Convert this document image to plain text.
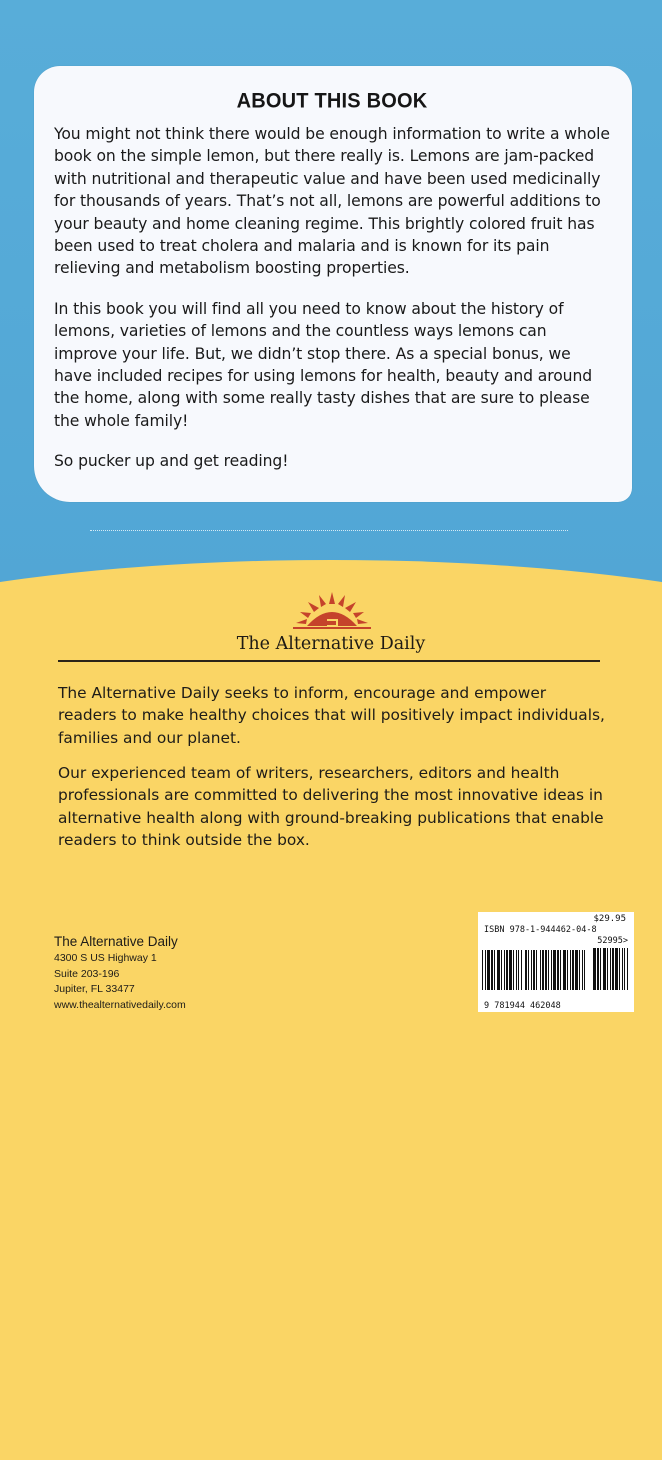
ABOUT THIS BOOK

You might not think there would be enough information to write a whole book on the simple lemon, but there really is. Lemons are jam-packed with nutritional and therapeutic value and have been used medicinally for thousands of years. That’s not all, lemons are powerful additions to your beauty and home cleaning regime. This brightly colored fruit has been used to treat cholera and malaria and is known for its pain relieving and metabolism boosting properties.

In this book you will find all you need to know about the history of lemons, varieties of lemons and the countless ways lemons can improve your life. But, we didn’t stop there. As a special bonus, we have included recipes for using lemons for health, beauty and around the home, along with some really tasty dishes that are sure to please the whole family!

So pucker up and get reading!

The Alternative Daily

The Alternative Daily seeks to inform, encourage and empower readers to make healthy choices that will positively impact individuals, families and our planet.

Our experienced team of writers, researchers, editors and health professionals are committed to delivering the most innovative ideas in alternative health along with ground-breaking publications that enable readers to think outside the box.

The Alternative Daily
4300 S US Highway 1
Suite 203-196
Jupiter, FL 33477
www.thealternativedaily.com
$29.95
ISBN 978-1-944462-04-8
52995>
9 781944 462048
